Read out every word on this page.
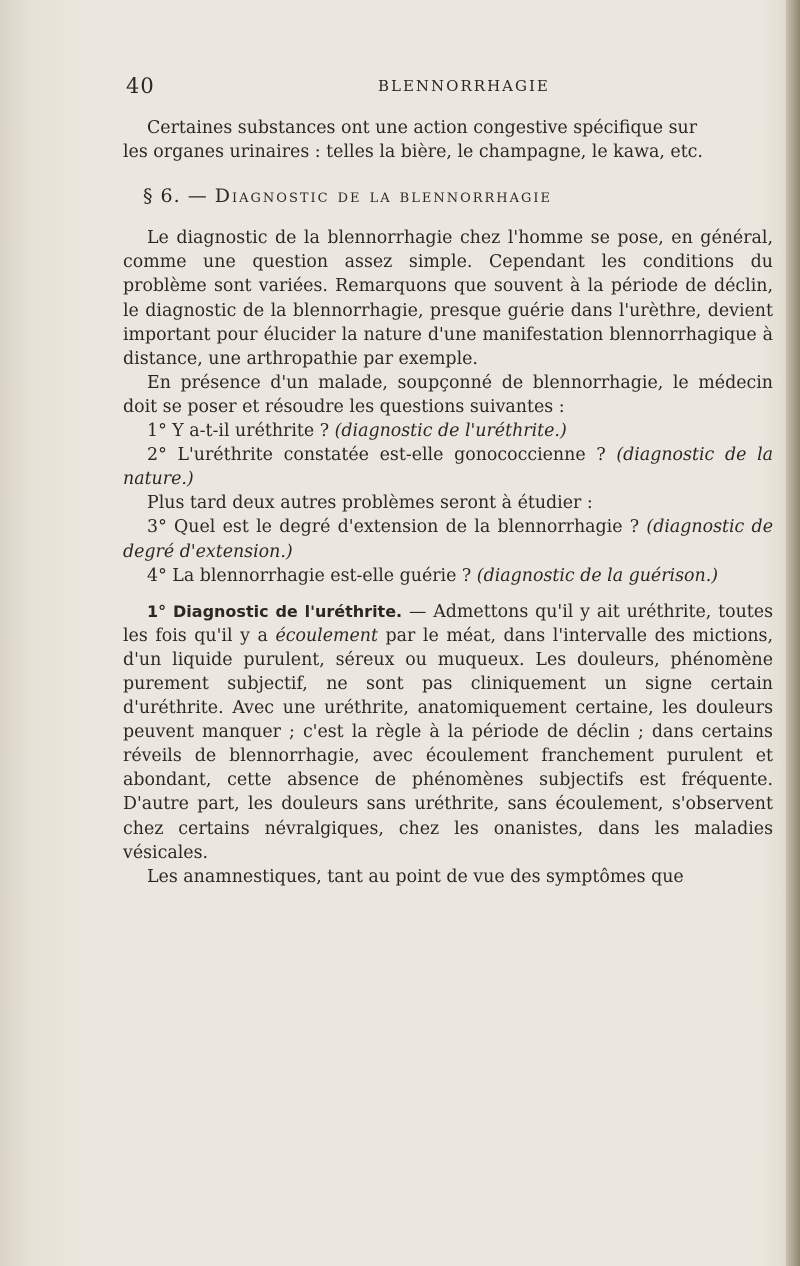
40	BLENNORRHAGIE

Certaines substances ont une action congestive spécifique sur

les organes urinaires : telles la bière, le champagne, le kawa, etc.

§ 6. — Diagnostic de la blennorrhagie

Le diagnostic de la blennorrhagie chez l'homme se pose, en général, comme une question assez simple. Cependant les conditions du problème sont variées. Remarquons que souvent à la période de déclin, le diagnostic de la blennorrhagie, presque guérie dans l'urèthre, devient important pour élucider la nature d'une manifestation blennorrhagique à distance, une arthropathie par exemple.

En présence d'un malade, soupçonné de blennorrhagie, le médecin doit se poser et résoudre les questions suivantes :

1° Y a-t-il uréthrite ? (diagnostic de l'uréthrite.)

2° L'uréthrite constatée est-elle gonococcienne ? (diagnostic de la nature.)

Plus tard deux autres problèmes seront à étudier :

3° Quel est le degré d'extension de la blennorrhagie ? (diagnostic de degré d'extension.)

4° La blennorrhagie est-elle guérie ? (diagnostic de la guérison.)

1° Diagnostic de l'uréthrite. — Admettons qu'il y ait uréthrite, toutes les fois qu'il y a écoulement par le méat, dans l'intervalle des mictions, d'un liquide purulent, séreux ou muqueux. Les douleurs, phénomène purement subjectif, ne sont pas cliniquement un signe certain d'uréthrite. Avec une uréthrite, anatomiquement certaine, les douleurs peuvent manquer ; c'est la règle à la période de déclin ; dans certains réveils de blennorrhagie, avec écoulement franchement purulent et abondant, cette absence de phénomènes subjectifs est fréquente. D'autre part, les douleurs sans uréthrite, sans écoulement, s'observent chez certains névralgiques, chez les onanistes, dans les maladies vésicales.

Les anamnestiques, tant au point de vue des symptômes que
